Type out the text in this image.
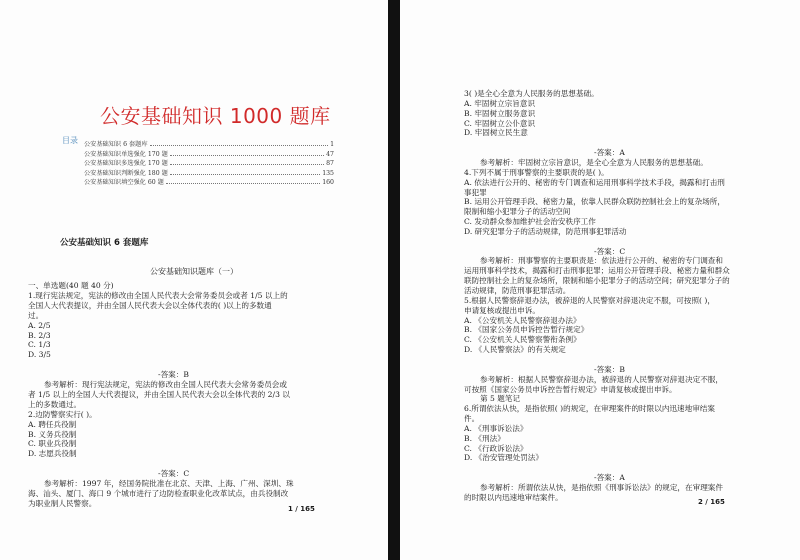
公安基础知识 1000 题库
目录 公安基础知识 6 套题库	1
公安基础知识单选强化 170 题	47
公安基础知识多选强化 170 题	87
公安基础知识判断强化 180 题	135
公安基础知识填空强化 60 题	160
公安基础知识 6 套题库
公安基础知识题库（一）
一、单选题(40 题 40 分)
1.现行宪法规定，宪法的修改由全国人民代表大会常务委员会或者 1/5 以上的
全国人大代表提议，并由全国人民代表大会以全体代表的( )以上的多数通
过。
A. 2/5
B. 2/3
C. 1/3
D. 3/5
-答案：B
参考解析：现行宪法规定，宪法的修改由全国人民代表大会常务委员会或
者 1/5 以上的全国人大代表提议，并由全国人民代表大会以全体代表的 2/3 以
上的多数通过。
2.边防警察实行( )。
A. 聘任兵役制
B. 义务兵役制
C. 职业兵役制
D. 志愿兵役制
-答案：C
参考解析：1997 年，经国务院批准在北京、天津、上海、广州、深圳、珠
海、汕头、厦门、海口 9 个城市进行了边防检查职业化改革试点，由兵役制改
为职业制人民警察。
1 / 165
3( )是全心全意为人民服务的思想基础。
A. 牢固树立宗旨意识
B. 牢固树立服务意识
C. 牢固树立公仆意识
D. 牢固树立民生意
-答案：A
参考解析：牢固树立宗旨意识，是全心全意为人民服务的思想基础。
4.下列不属于刑事警察的主要职责的是( )。
A. 依法进行公开的、秘密的专门调查和运用刑事科学技术手段，揭露和打击刑
事犯罪
B. 运用公开管理手段、秘密力量，依靠人民群众联防控制社会上的复杂场所，
限制和缩小犯罪分子的活动空间
C. 发动群众参加维护社会治安秩序工作
D. 研究犯罪分子的活动规律，防范刑事犯罪活动
-答案：C
参考解析：刑事警察的主要职责是：依法进行公开的、秘密的专门调查和
运用刑事科学技术，揭露和打击刑事犯罪；运用公开管理手段、秘密力量和群众
联防控制社会上的复杂场所，限制和缩小犯罪分子的活动空间；研究犯罪分子的
活动规律，防范刑事犯罪活动。
5.根据人民警察辞退办法，被辞退的人民警察对辞退决定不服，可按照( )，
申请复核或提出申诉。
A. 《公安机关人民警察辞退办法》
B. 《国家公务员申诉控告暂行规定》
C. 《公安机关人民警察警衔条例》
D. 《人民警察法》的有关规定
-答案：B
参考解析：根据人民警察辞退办法，被辞退的人民警察对辞退决定不服，
可按照《国家公务员申诉控告暂行规定》申请复核或提出申诉。
第 5 题笔记
6.所谓依法从快，是指依照( )的规定，在审理案件的时限以内迅速地审结案
件。
A. 《刑事诉讼法》
B. 《刑法》
C. 《行政诉讼法》
D. 《治安管理处罚法》
-答案：A
参考解析：所谓依法从快，是指依照《刑事诉讼法》的规定，在审理案件
的时限以内迅速地审结案件。
2 / 165
